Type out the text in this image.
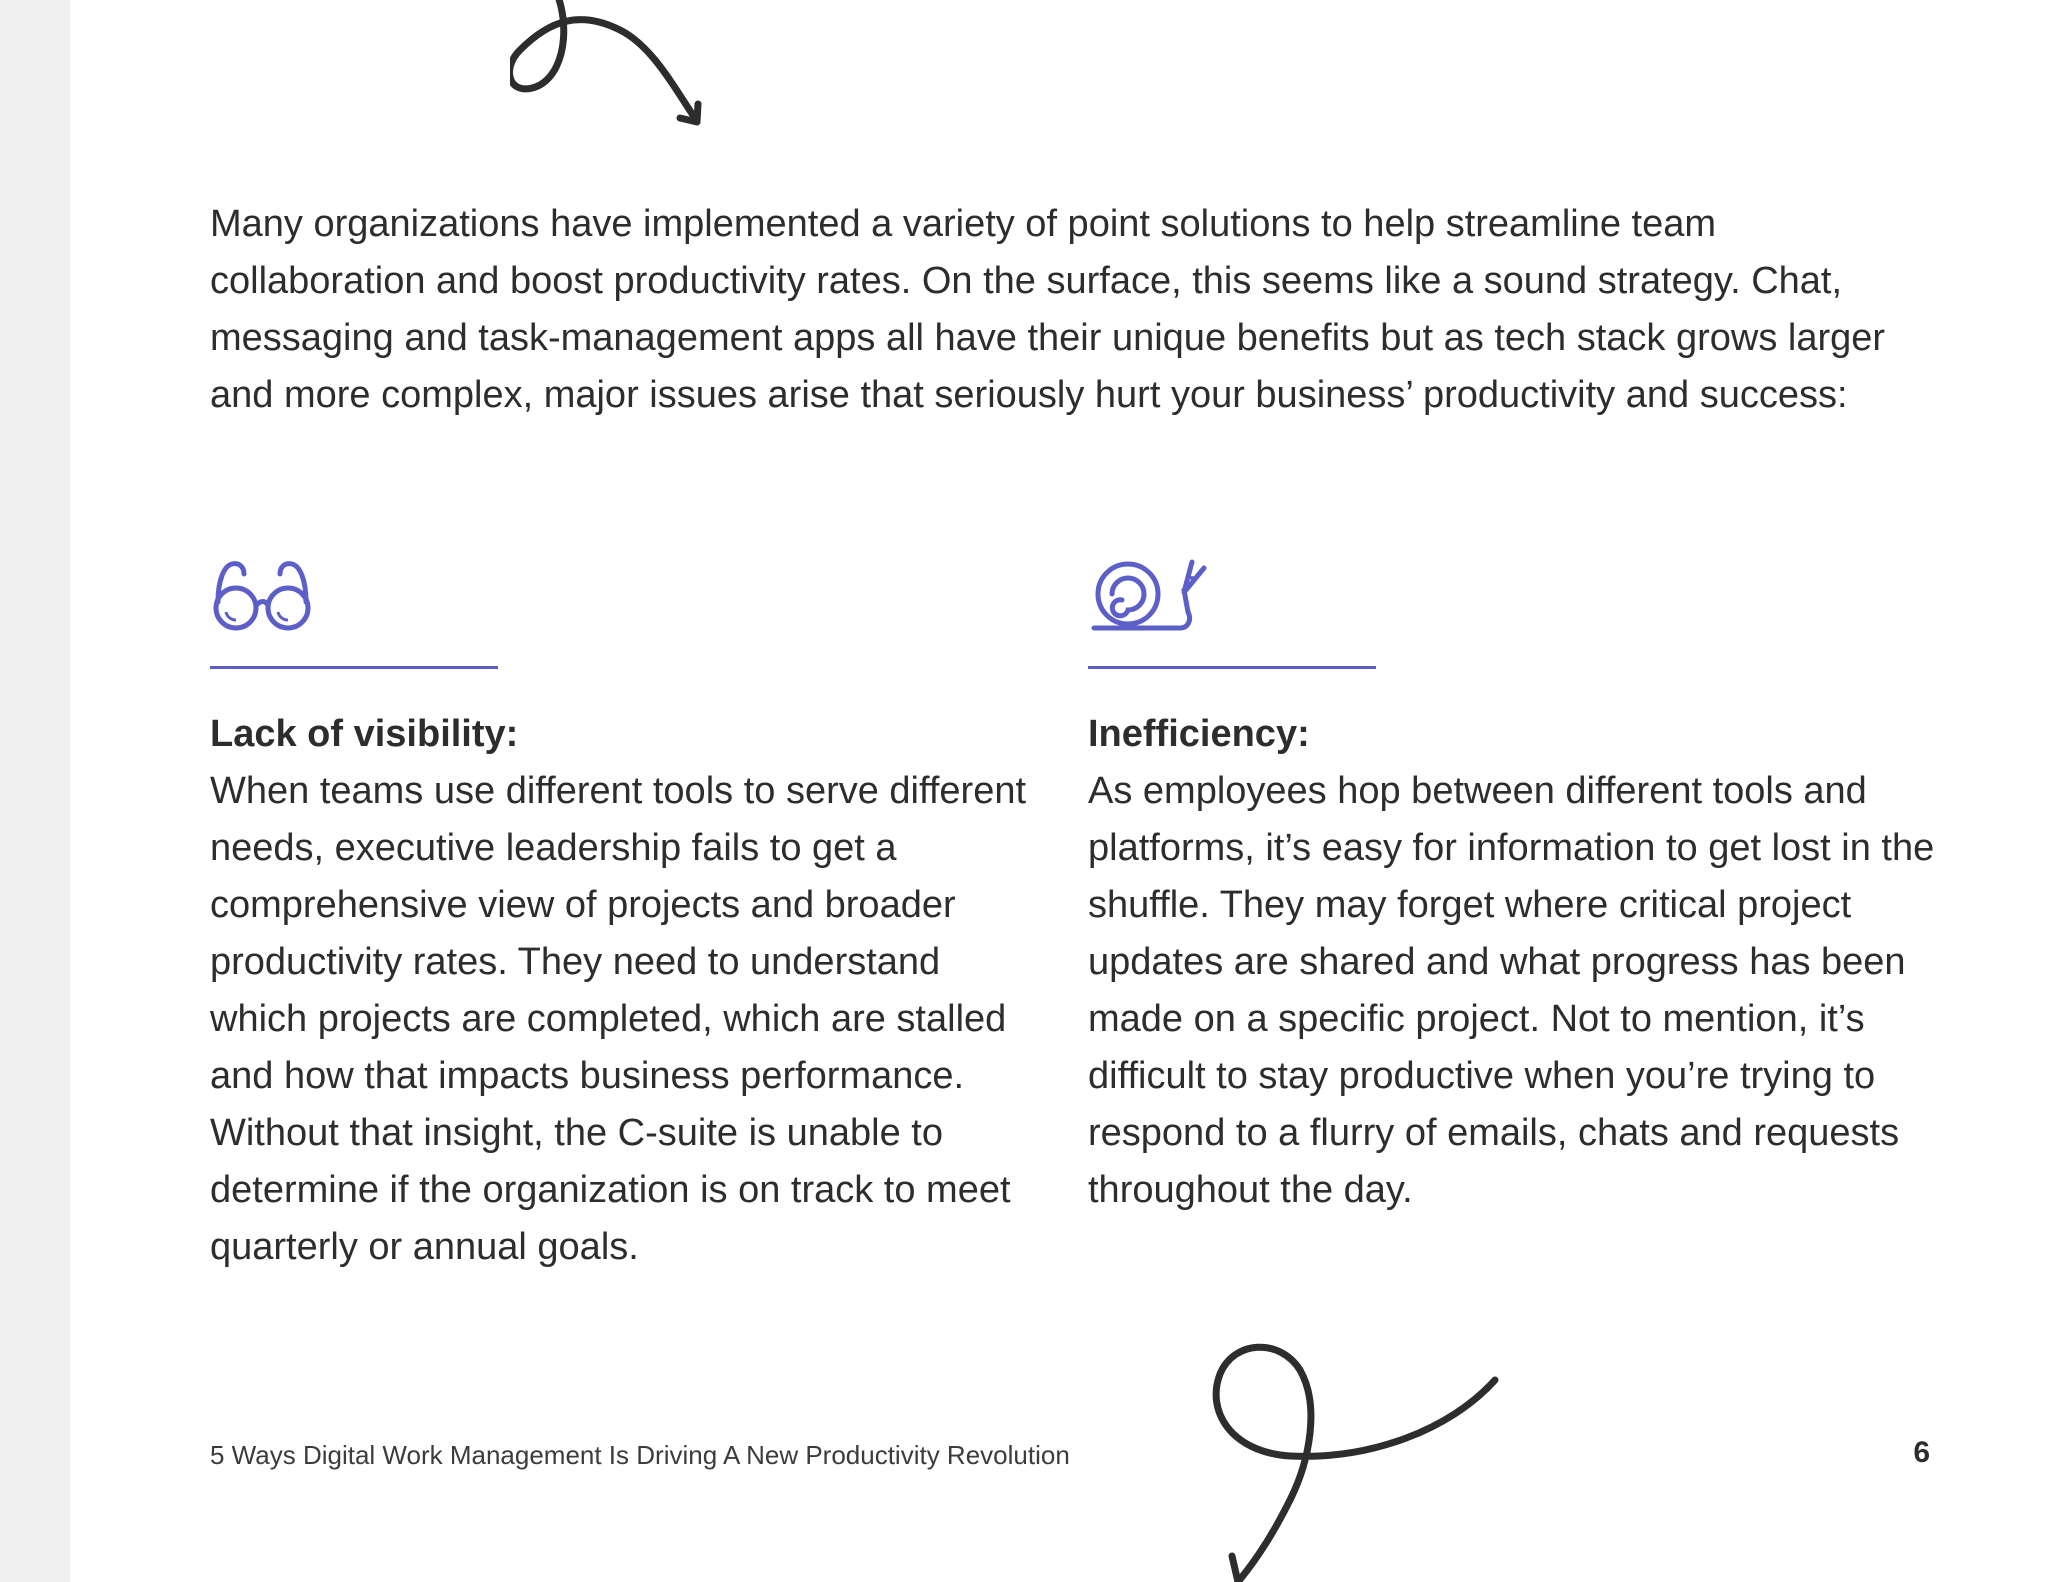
Many organizations have implemented a variety of point solutions to help streamline team collaboration and boost productivity rates. On the surface, this seems like a sound strategy. Chat, messaging and task-management apps all have their unique benefits but as tech stack grows larger and more complex, major issues arise that seriously hurt your business’ productivity and success:

Lack of visibility:

When teams use different tools to serve different needs, executive leadership fails to get a comprehensive view of projects and broader productivity rates. They need to understand which projects are completed, which are stalled and how that impacts business performance. Without that insight, the C-suite is unable to determine if the organization is on track to meet quarterly or annual goals.

Inefficiency:

As employees hop between different tools and platforms, it’s easy for information to get lost in the shuffle. They may forget where critical project updates are shared and what progress has been made on a specific project. Not to mention, it’s difficult to stay productive when you’re trying to respond to a flurry of emails, chats and requests throughout the day.

5 Ways Digital Work Management Is Driving A New Productivity Revolution	6
